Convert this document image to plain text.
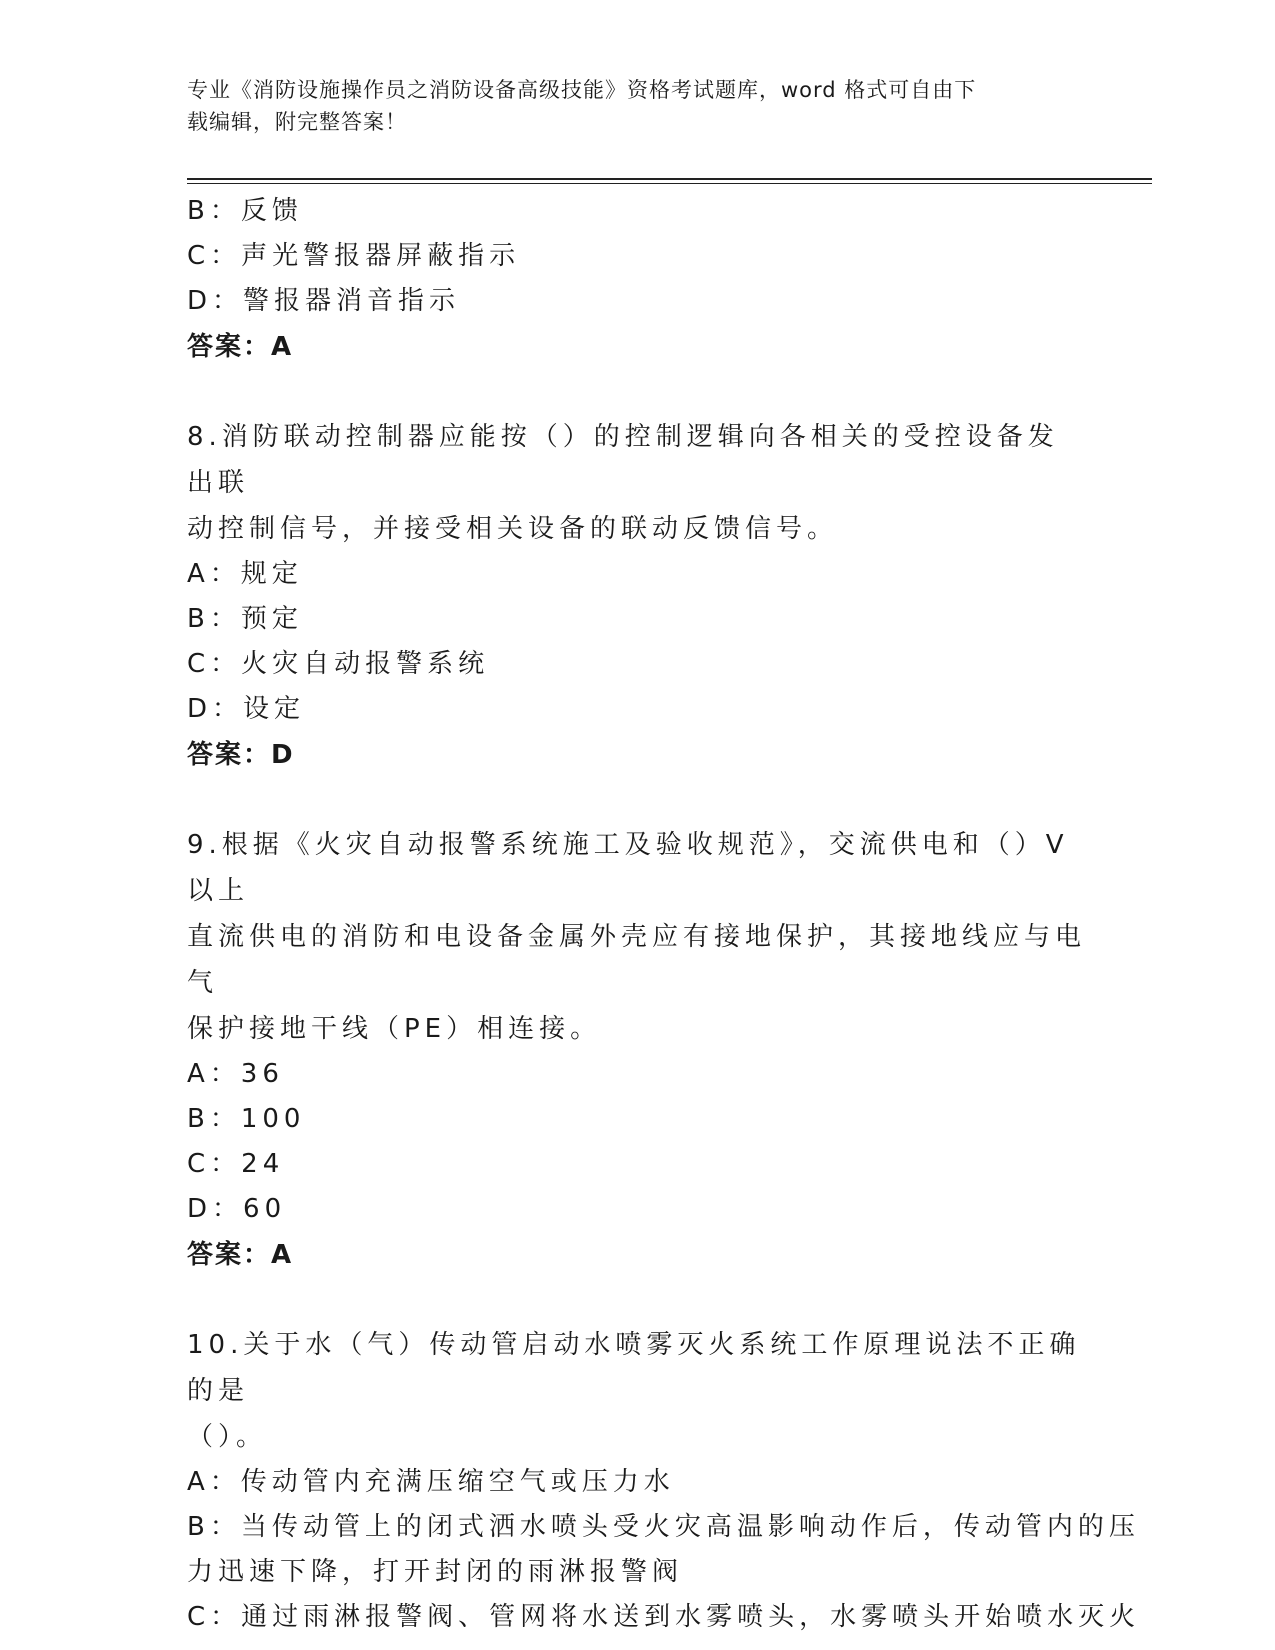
专业《消防设施操作员之消防设备高级技能》资格考试题库，word 格式可自由下
载编辑，附完整答案！
B：反馈
C：声光警报器屏蔽指示
D：警报器消音指示
答案：A
8.消防联动控制器应能按（）的控制逻辑向各相关的受控设备发出联
动控制信号，并接受相关设备的联动反馈信号。
A：规定
B：预定
C：火灾自动报警系统
D：设定
答案：D
9.根据《火灾自动报警系统施工及验收规范》，交流供电和（）V 以上
直流供电的消防和电设备金属外壳应有接地保护，其接地线应与电气
保护接地干线（PE）相连接。
A：36
B：100
C：24
D：60
答案：A
10.关于水（气）传动管启动水喷雾灭火系统工作原理说法不正确的是
（）。
A：传动管内充满压缩空气或压力水
B：当传动管上的闭式洒水喷头受火灾高温影响动作后，传动管内的压
力迅速下降，打开封闭的雨淋报警阀
C：通过雨淋报警阀、管网将水送到水雾喷头，水雾喷头开始喷水灭火
